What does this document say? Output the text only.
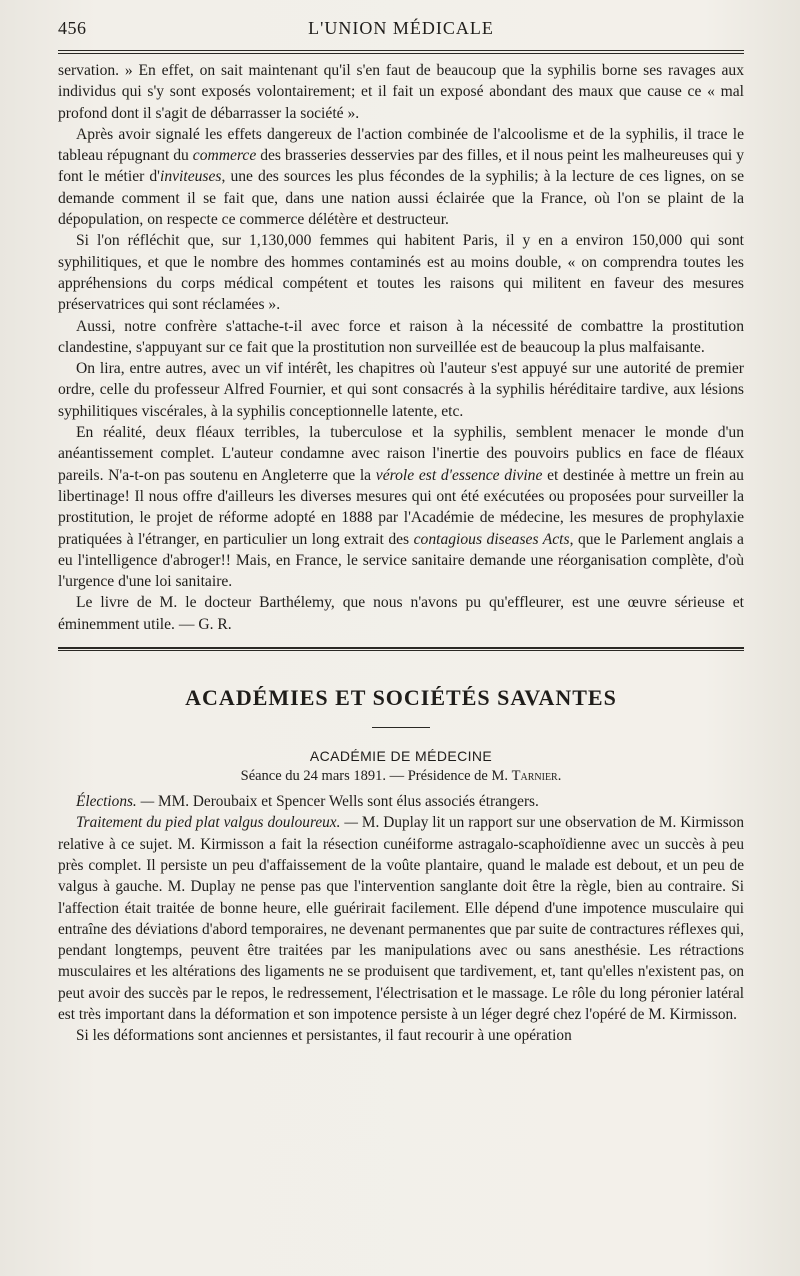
456	L'UNION MÉDICALE

servation. » En effet, on sait maintenant qu'il s'en faut de beaucoup que la syphilis borne ses ravages aux individus qui s'y sont exposés volontairement; et il fait un exposé abondant des maux que cause ce « mal profond dont il s'agit de débarrasser la société ».

Après avoir signalé les effets dangereux de l'action combinée de l'alcoolisme et de la syphilis, il trace le tableau répugnant du commerce des brasseries desservies par des filles, et il nous peint les malheureuses qui y font le métier d'inviteuses, une des sources les plus fécondes de la syphilis; à la lecture de ces lignes, on se demande comment il se fait que, dans une nation aussi éclairée que la France, où l'on se plaint de la dépopulation, on respecte ce commerce délétère et destructeur.

Si l'on réfléchit que, sur 1,130,000 femmes qui habitent Paris, il y en a environ 150,000 qui sont syphilitiques, et que le nombre des hommes contaminés est au moins double, « on comprendra toutes les appréhensions du corps médical compétent et toutes les raisons qui militent en faveur des mesures préservatrices qui sont réclamées ».

Aussi, notre confrère s'attache-t-il avec force et raison à la nécessité de combattre la prostitution clandestine, s'appuyant sur ce fait que la prostitution non surveillée est de beaucoup la plus malfaisante.

On lira, entre autres, avec un vif intérêt, les chapitres où l'auteur s'est appuyé sur une autorité de premier ordre, celle du professeur Alfred Fournier, et qui sont consacrés à la syphilis héréditaire tardive, aux lésions syphilitiques viscérales, à la syphilis conceptionnelle latente, etc.

En réalité, deux fléaux terribles, la tuberculose et la syphilis, semblent menacer le monde d'un anéantissement complet. L'auteur condamne avec raison l'inertie des pouvoirs publics en face de fléaux pareils. N'a-t-on pas soutenu en Angleterre que la vérole est d'essence divine et destinée à mettre un frein au libertinage! Il nous offre d'ailleurs les diverses mesures qui ont été exécutées ou proposées pour surveiller la prostitution, le projet de réforme adopté en 1888 par l'Académie de médecine, les mesures de prophylaxie pratiquées à l'étranger, en particulier un long extrait des contagious diseases Acts, que le Parlement anglais a eu l'intelligence d'abroger!! Mais, en France, le service sanitaire demande une réorganisation complète, d'où l'urgence d'une loi sanitaire.

Le livre de M. le docteur Barthélemy, que nous n'avons pu qu'effleurer, est une œuvre sérieuse et éminemment utile. — G. R.

ACADÉMIES ET SOCIÉTÉS SAVANTES
ACADÉMIE DE MÉDECINE
Séance du 24 mars 1891. — Présidence de M. Tarnier.

Élections. — MM. Deroubaix et Spencer Wells sont élus associés étrangers.

Traitement du pied plat valgus douloureux. — M. Duplay lit un rapport sur une observation de M. Kirmisson relative à ce sujet. M. Kirmisson a fait la résection cunéiforme astragalo-scaphoïdienne avec un succès à peu près complet. Il persiste un peu d'affaissement de la voûte plantaire, quand le malade est debout, et un peu de valgus à gauche. M. Duplay ne pense pas que l'intervention sanglante doit être la règle, bien au contraire. Si l'affection était traitée de bonne heure, elle guérirait facilement. Elle dépend d'une impotence musculaire qui entraîne des déviations d'abord temporaires, ne devenant permanentes que par suite de contractures réflexes qui, pendant longtemps, peuvent être traitées par les manipulations avec ou sans anesthésie. Les rétractions musculaires et les altérations des ligaments ne se produisent que tardivement, et, tant qu'elles n'existent pas, on peut avoir des succès par le repos, le redressement, l'électrisation et le massage. Le rôle du long péronier latéral est très important dans la déformation et son impotence persiste à un léger degré chez l'opéré de M. Kirmisson.

Si les déformations sont anciennes et persistantes, il faut recourir à une opération
